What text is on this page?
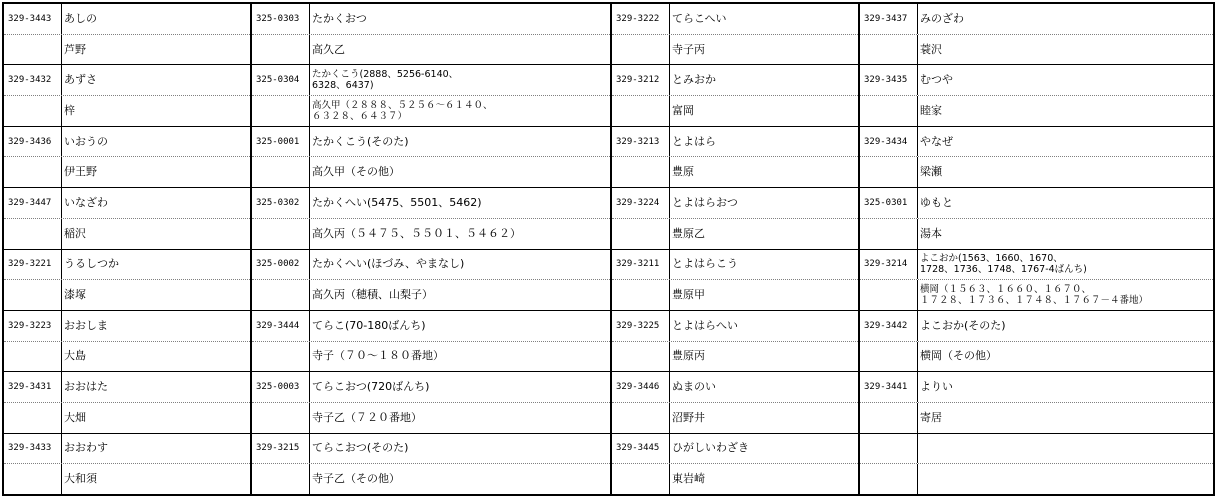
329-3443	あしの
芦野
329-3432	あずさ
梓
329-3436	いおうの
伊王野
329-3447	いなざわ
稲沢
329-3221	うるしつか
漆塚
329-3223	おおしま
大島
329-3431	おおはた
大畑
329-3433	おおわす
大和須
325-0303	たかくおつ
高久乙
325-0304	たかくこう(2888、5256-6140、
6328、6437)
高久甲（２８８８、５２５６～６１４０、
６３２８、６４３７）
325-0001	たかくこう(そのた)
高久甲（その他）
325-0302	たかくへい(5475、5501、5462)
高久丙（５４７５、５５０１、５４６２）
325-0002	たかくへい(ほづみ、やまなし)
高久丙（穂積、山梨子）
329-3444	てらこ(70-180ばんち)
寺子（７０～１８０番地）
325-0003	てらこおつ(720ばんち)
寺子乙（７２０番地）
329-3215	てらこおつ(そのた)
寺子乙（その他）
329-3222	てらこへい
寺子丙
329-3212	とみおか
富岡
329-3213	とよはら
豊原
329-3224	とよはらおつ
豊原乙
329-3211	とよはらこう
豊原甲
329-3225	とよはらへい
豊原丙
329-3446	ぬまのい
沼野井
329-3445	ひがしいわざき
東岩崎
329-3437	みのざわ
蓑沢
329-3435	むつや
睦家
329-3434	やなぜ
梁瀬
325-0301	ゆもと
湯本
329-3214	よこおか(1563、1660、1670、
1728、1736、1748、1767-4ばんち)
横岡（１５６３、１６６０、１６７０、
１７２８、１７３６、１７４８、１７６７－４番地）
329-3442	よこおか(そのた)
横岡（その他）
329-3441	よりい
寄居
